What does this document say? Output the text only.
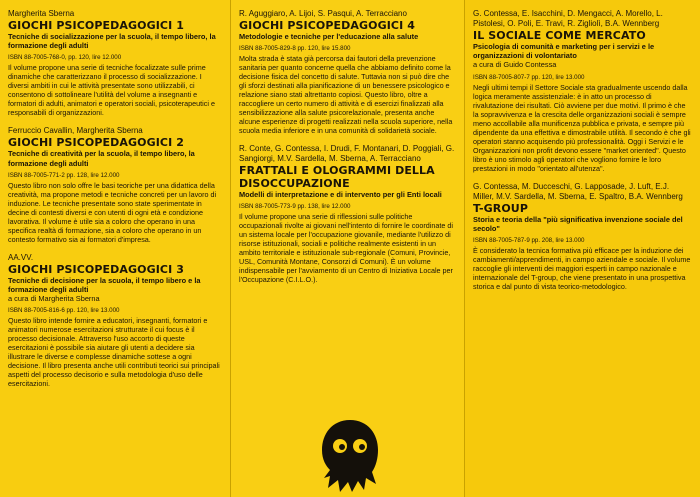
Margherita Sberna
GIOCHI PSICOPEDAGOGICI 1
Tecniche di socializzazione per la scuola, il tempo libero, la formazione degli adulti
ISBN 88-7005-768-0, pp. 120, lire 12.000
Il volume propone una serie di tecniche focalizzate sulle prime dinamiche che caratterizzano il processo di socializzazione. I diversi ambiti in cui le attività presentate sono utilizzabili, ci consentono di sottolineare l'utilità del volume a insegnanti e formatori di adulti, animatori e operatori sociali, psicoterapeutici e responsabili di organizzazioni.
Ferruccio Cavallin, Margherita Sberna
GIOCHI PSICOPEDAGOGICI 2
Tecniche di creatività per la scuola, il tempo libero, la formazione degli adulti
ISBN 88-7005-771-2 pp. 128, lire 12.000
Questo libro non solo offre le basi teoriche per una didattica della creatività, ma propone metodi e tecniche concreti per un lavoro di induzione. Le tecniche presentate sono state sperimentate in decine di contesti diversi e con utenti di ogni età e condizione lavorativa. Il volume è utile sia a coloro che operano in una specifica realtà di formazione, sia a coloro che operano in un contesto formativo sia ai formatori d'impresa.
AA.VV.
GIOCHI PSICOPEDAGOGICI 3
Tecniche di decisione per la scuola, il tempo libero e la formazione degli adulti
a cura di Margherita Sberna
ISBN 88-7005-816-6 pp. 120, lire 13.000
Questo libro intende fornire a educatori, insegnanti, formatori e animatori numerose esercitazioni strutturate il cui focus è il processo decisionale. Attraverso l'uso accorto di queste esercitazioni è possibile sia aiutare gli utenti a decidere sia illustrare le diverse e complesse dinamiche sottese a ogni decisione. Il libro presenta anche utili contributi teorici sui principali aspetti del processo decisorio e sulla metodologia d'uso delle esercitazioni.
R. Aguggiaro, A. Lijoi, S. Pasqui, A. Terracciano
GIOCHI PSICOPEDAGOGICI 4
Metodologie e tecniche per l'educazione alla salute
ISBN 88-7005-829-8 pp. 120, lire 15.800
Molta strada è stata già percorsa dai fautori della prevenzione sanitaria per quanto concerne quella che abbiamo definito come la decisione fisica del concetto di salute. Tuttavia non si può dire che gli sforzi destinati alla pianificazione di un benessere psicologico e relazione siano stati altrettanto copiosi. Questo libro, oltre a raccogliere un certo numero di attività e di esercizi finalizzati alla sensibilizzazione alla salute psicorelazionale, presenta anche alcune esperienze di progetti realizzati nella scuola superiore, nella scuola media inferiore e in una comunità di solidarietà sociale.
R. Conte, G. Contessa, I. Drudi, F. Montanari, D. Poggiali, G. Sangiorgi, M.V. Sardella, M. Sberna, A. Terracciano
FRATTALI E OLOGRAMMI DELLA DISOCCUPAZIONE
Modelli di interpretazione e di intervento per gli Enti locali
ISBN 88-7005-773-9 pp. 138, lire 12.000
Il volume propone una serie di riflessioni sulle politiche occupazionali rivolte ai giovani nell'intento di fornire le coordinate di un sistema locale per l'occupazione giovanile, mediante l'utilizzo di risorse istituzionali, sociali e politiche realmente esistenti in un ambito territoriale e istituzionale sub-regionale (Comuni, Provincie, USL, Comunità Montane, Consorzi di Comuni). È un volume indispensabile per l'avviamento di un Centro di Iniziativa Locale per l'Occupazione (C.I.L.O.).
G. Contessa, E. Isacchini, D. Mengacci, A. Morello, L. Pistolesi, O. Poli, E. Travi, R. Zigliolì, B.A. Wennberg
IL SOCIALE COME MERCATO
Psicologia di comunità e marketing per i servizi e le organizzazioni di volontariato
a cura di Guido Contessa
ISBN 88-7005-807-7 pp. 120, lire 13.000
Negli ultimi tempi il Settore Sociale sta gradualmente uscendo dalla logica meramente assistenziale: è in atto un processo di rivalutazione dei risultati. Ciò avviene per due motivi. Il primo è che la sopravvivenza e la crescita delle organizzazioni sociali è sempre meno accollabile alla munificenza pubblica e privata, e sempre più dipendente da una effettiva e dimostrabile utilità. Il secondo è che gli operatori stanno acquisendo più professionalità. Oggi i Servizi e le Organizzazioni non profit devono essere "market oriented". Questo libro è uno stimolo agli operatori che vogliono fornire le loro prestazioni in modo "orientato all'utenza".
G. Contessa, M. Ducceschi, G. Lapposade, J. Luft, E.J. Miller, M.V. Sardella, M. Sberna, E. Spaltro, B.A. Wennberg
T-GROUP
Storia e teoria della "più significativa invenzione sociale del secolo"
ISBN 88-7005-787-9 pp. 208, lire 13.000
È considerato la tecnica formativa più efficace per la induzione dei cambiamenti/apprendimenti, in campo aziendale e sociale. Il volume raccoglie gli interventi dei maggiori esperti in campo nazionale e internazionale del T-group, che viene presentato in una prospettiva storica e dal punto di vista teorico-metodologico.
